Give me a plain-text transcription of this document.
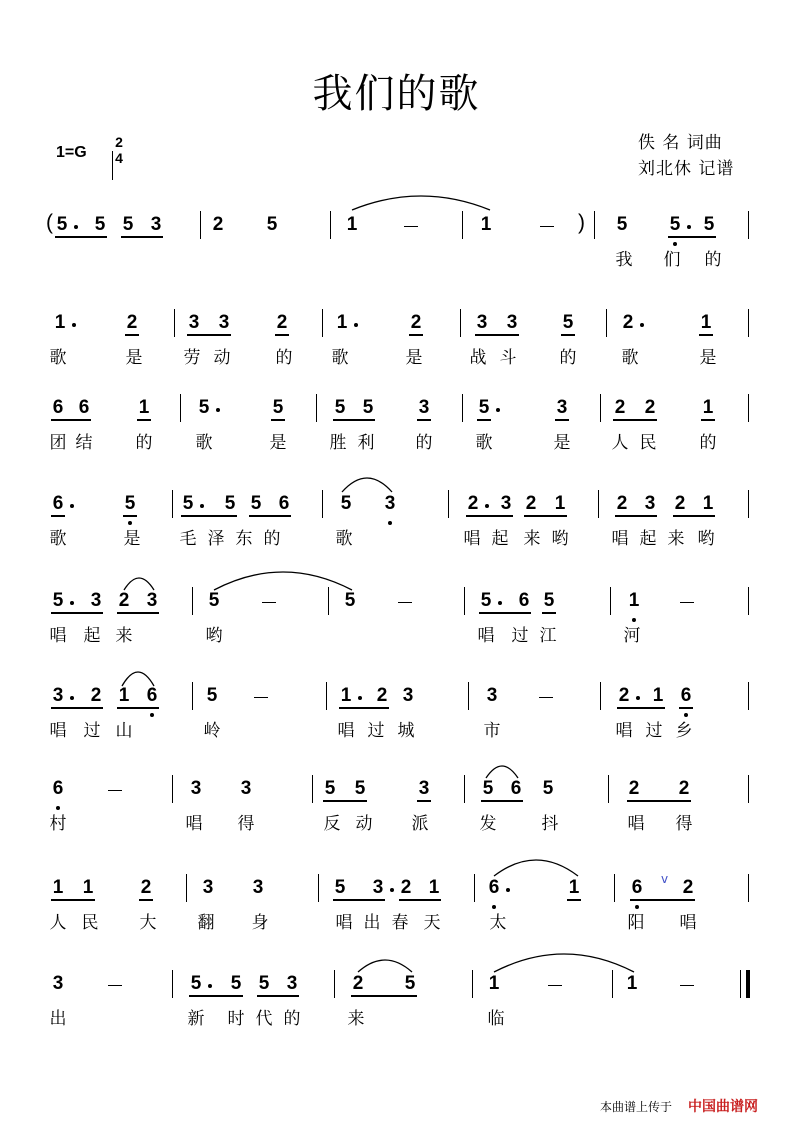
我们的歌
1=G
2
4
佚 名 词曲
刘北休 记谱
5 5 5 3	2 5	1	1	5 5 5
我 们 的
1	2	3 3 2	1	2	3 3 5	2	1
歌	是 劳 动	的 歌	是	战 斗	的	歌	是
6 6	1	5	5	5 5 3	5	3 2 2 1
团 结	的	歌	是	胜 利 的	歌	是 人 民	的
6	5 5 5 5 6	5 3	2 3 2 1	2 3 2 1
歌	是 毛 泽 东 的	歌	唱 起 来 哟	唱 起 来 哟
5 3 2 3	5	5	5 6 5	1
唱 起 来	哟	唱 过 江	河
3 2 1 6	5	1 2 3	3	2 1 6
唱 过 山	岭	唱 过 城	市	唱 过 乡
6	3 3	5 5	3	5 6 5	2 2
村	唱 得	反 动 派	发	抖	唱 得
1 1 2	3 3	5 3 2 1	6	1	6 2
人 民 大 翻 身	唱 出 春 天	太	阳 唱
3	5 5 5 3	2 5	1	1
出	新 时 代 的	来	临
(	)
v
本曲谱上传于 中国曲谱网
